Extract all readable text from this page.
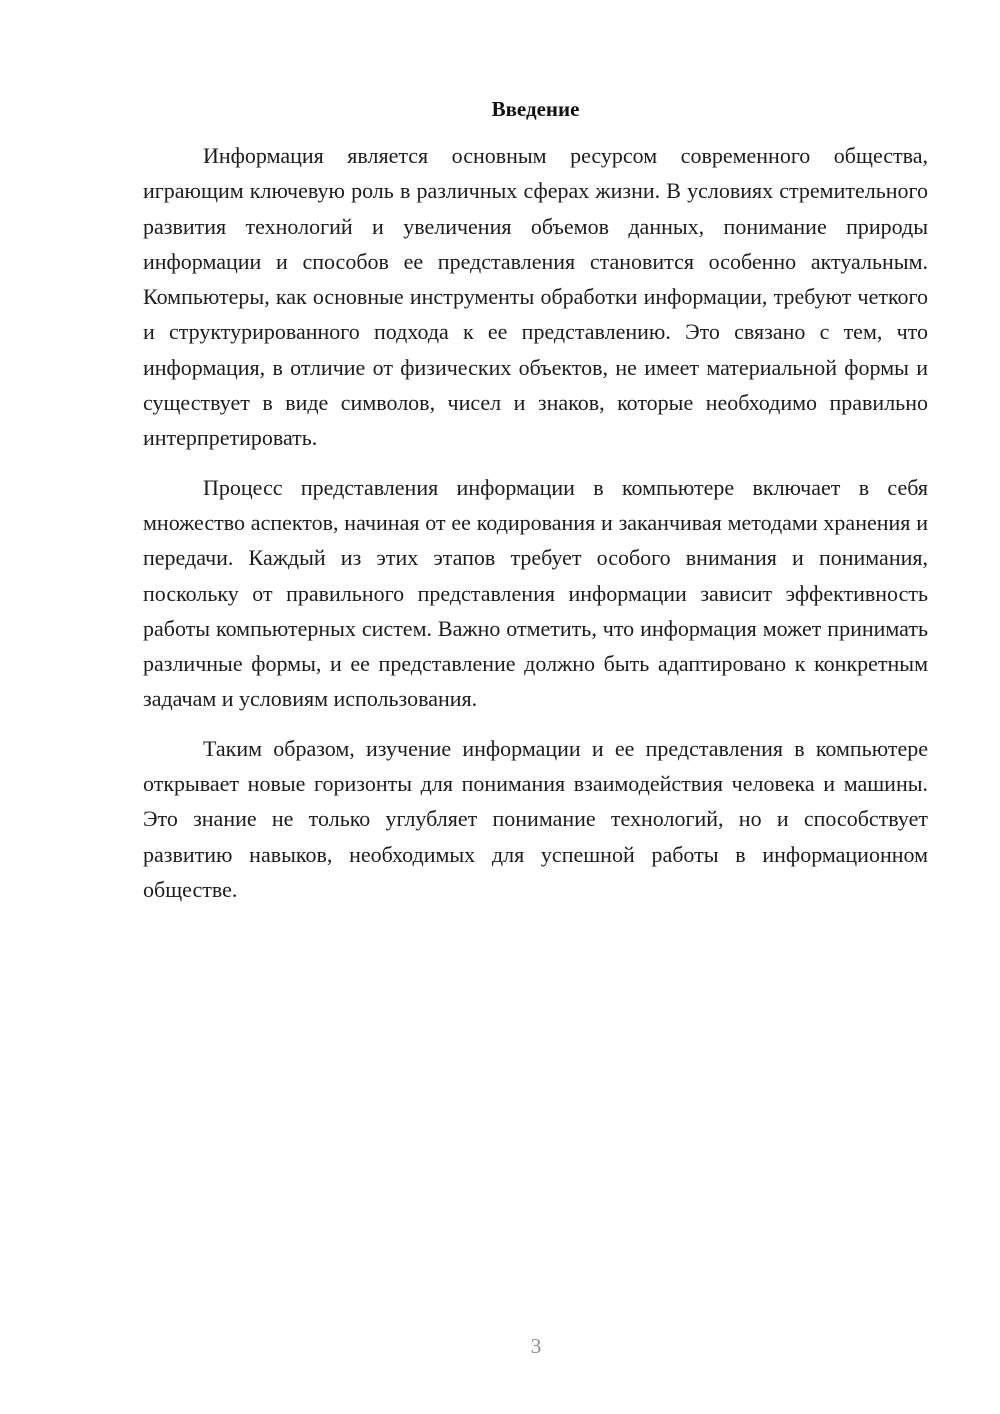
Введение

Информация является основным ресурсом современного общества, играющим ключевую роль в различных сферах жизни. В условиях стремительного развития технологий и увеличения объемов данных, понимание природы информации и способов ее представления становится особенно актуальным. Компьютеры, как основные инструменты обработки информации, требуют четкого и структурированного подхода к ее представлению. Это связано с тем, что информация, в отличие от физических объектов, не имеет материальной формы и существует в виде символов, чисел и знаков, которые необходимо правильно интерпретировать.

Процесс представления информации в компьютере включает в себя множество аспектов, начиная от ее кодирования и заканчивая методами хранения и передачи. Каждый из этих этапов требует особого внимания и понимания, поскольку от правильного представления информации зависит эффективность работы компьютерных систем. Важно отметить, что информация может принимать различные формы, и ее представление должно быть адаптировано к конкретным задачам и условиям использования.

Таким образом, изучение информации и ее представления в компьютере открывает новые горизонты для понимания взаимодействия человека и машины. Это знание не только углубляет понимание технологий, но и способствует развитию навыков, необходимых для успешной работы в информационном обществе.

3
